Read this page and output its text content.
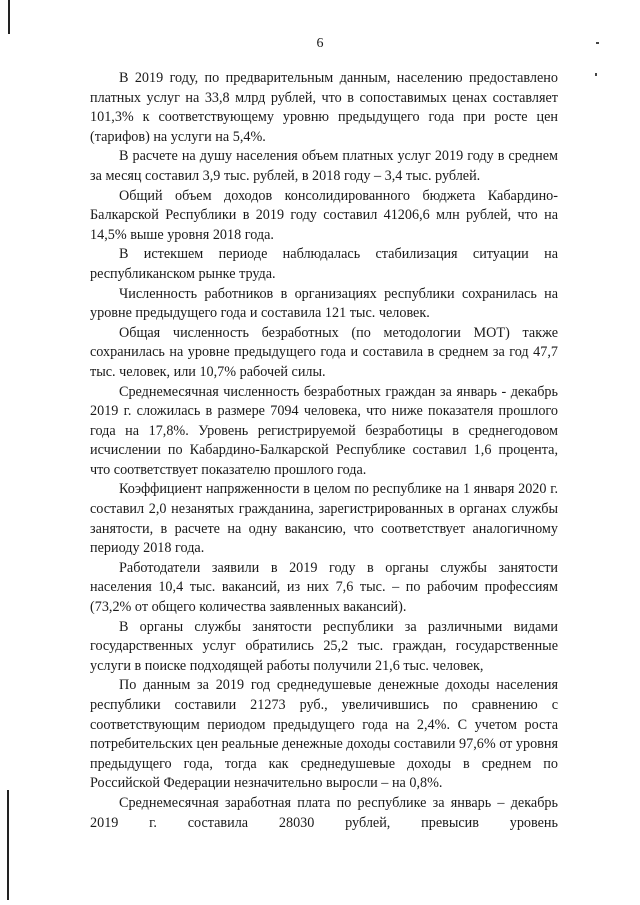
6

В 2019 году, по предварительным данным, населению предоставлено платных услуг на 33,8 млрд рублей, что в сопоставимых ценах составляет 101,3% к соответствующему уровню предыдущего года при росте цен (тарифов) на услуги на 5,4%.

В расчете на душу населения объем платных услуг 2019 году в среднем за месяц составил 3,9 тыс. рублей, в 2018 году – 3,4 тыс. рублей.

Общий объем доходов консолидированного бюджета Кабардино-Балкарской Республики в 2019 году составил 41206,6 млн рублей, что на 14,5% выше уровня 2018 года.

В истекшем периоде наблюдалась стабилизация ситуации на республиканском рынке труда.

Численность работников в организациях республики сохранилась на уровне предыдущего года и составила 121 тыс. человек.

Общая численность безработных (по методологии МОТ) также сохранилась на уровне предыдущего года и составила в среднем за год 47,7 тыс. человек, или 10,7% рабочей силы.

Среднемесячная численность безработных граждан за январь - декабрь 2019 г. сложилась в размере 7094 человека, что ниже показателя прошлого года на 17,8%. Уровень регистрируемой безработицы в среднегодовом исчислении по Кабардино-Балкарской Республике составил 1,6 процента, что соответствует показателю прошлого года.

Коэффициент напряженности в целом по республике на 1 января 2020 г. составил 2,0 незанятых гражданина, зарегистрированных в органах службы занятости, в расчете на одну вакансию, что соответствует аналогичному периоду 2018 года.

Работодатели заявили в 2019 году в органы службы занятости населения 10,4 тыс. вакансий, из них 7,6 тыс. – по рабочим профессиям (73,2% от общего количества заявленных вакансий).

В органы службы занятости республики за различными видами государственных услуг обратились 25,2 тыс. граждан, государственные услуги в поиске подходящей работы получили 21,6 тыс. человек,

По данным за 2019 год среднедушевые денежные доходы населения республики составили 21273 руб., увеличившись по сравнению с соответствующим периодом предыдущего года на 2,4%. С учетом роста потребительских цен реальные денежные доходы составили 97,6% от уровня предыдущего года, тогда как среднедушевые доходы в среднем по Российской Федерации незначительно выросли – на 0,8%.

Среднемесячная заработная плата по республике за январь – декабрь 2019 г. составила 28030 рублей, превысив уровень
